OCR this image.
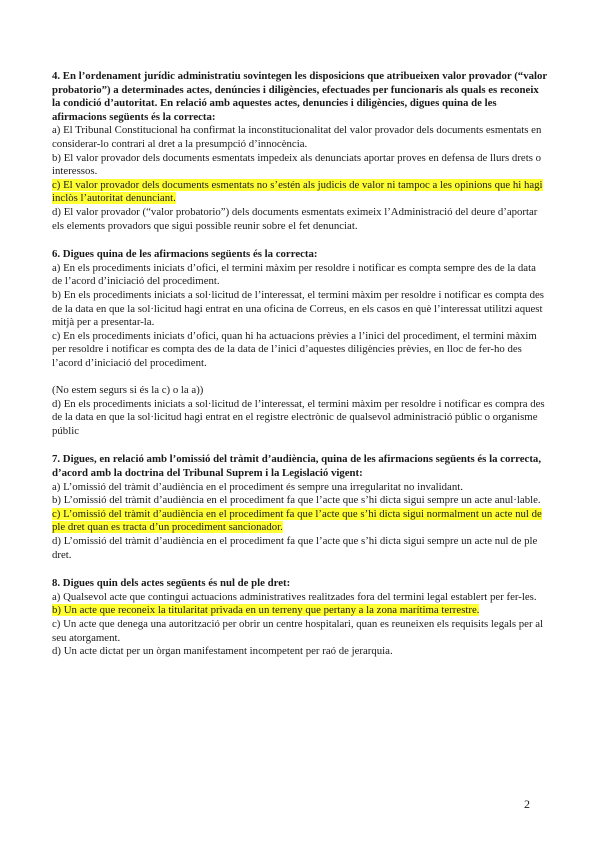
4. En l’ordenament jurídic administratiu sovintegen les disposicions que atribueixen valor provador (“valor probatorio”) a determinades actes, denúncies i diligències, efectuades per funcionaris als quals es reconeix la condició d’autoritat. En relació amb aquestes actes, denuncies i diligències, digues quina de les afirmacions següents és la correcta:

a) El Tribunal Constitucional ha confirmat la inconstitucionalitat del valor provador dels documents esmentats en considerar-lo contrari al dret a la presumpció d’innocència.

b) El valor provador dels documents esmentats impedeix als denunciats aportar proves en defensa de llurs drets o interessos.

c) El valor provador dels documents esmentats no s’estén als judicis de valor ni tampoc a les opinions que hi hagi inclòs l’autoritat denunciant.

d) El valor provador (“valor probatorio”) dels documents esmentats eximeix l’Administració del deure d’aportar els elements provadors que sigui possible reunir sobre el fet denunciat.

6. Digues quina de les afirmacions següents és la correcta:

a) En els procediments iniciats d’ofici, el termini màxim per resoldre i notificar es compta sempre des de la data de l’acord d’iniciació del procediment.

b) En els procediments iniciats a sol·licitud de l’interessat, el termini màxim per resoldre i notificar es compta des de la data en que la sol·licitud hagi entrat en una oficina de Correus, en els casos en què l’interessat utilitzi aquest mitjà per a presentar-la.

c) En els procediments iniciats d’ofici, quan hi ha actuacions prèvies a l’inici del procediment, el termini màxim per resoldre i notificar es compta des de la data de l’inici d’aquestes diligències prèvies, en lloc de fer-ho des l’acord d’iniciació del procediment.

(No estem segurs si és la c) o la a))

d) En els procediments iniciats a sol·licitud de l’interessat, el termini màxim per resoldre i notificar es compra des de la data en que la sol·licitud hagi entrat en el registre electrònic de qualsevol administració públic o organisme públic

7. Digues, en relació amb l’omissió del tràmit d’audiència, quina de les afirmacions següents és la correcta, d’acord amb la doctrina del Tribunal Suprem i la Legislació vigent:

a) L’omissió del tràmit d’audiència en el procediment és sempre una irregularitat no invalidant.

b) L’omissió del tràmit d’audiència en el procediment fa que l’acte que s’hi dicta sigui sempre un acte anul·lable.

c) L’omissió del tràmit d’audiència en el procediment fa que l’acte que s’hi dicta sigui normalment un acte nul de ple dret quan es tracta d’un procediment sancionador.

d) L’omissió del tràmit d’audiència en el procediment fa que l’acte que s’hi dicta sigui sempre un acte nul de ple dret.

8. Digues quin dels actes següents és nul de ple dret:

a) Qualsevol acte que contingui actuacions administratives realitzades fora del termini legal establert per fer-les.

b) Un acte que reconeix la titularitat privada en un terreny que pertany a la zona marítima terrestre.

c) Un acte que denega una autorització per obrir un centre hospitalari, quan es reuneixen els requisits legals per al seu atorgament.

d) Un acte dictat per un òrgan manifestament incompetent per raó de jerarquia.

2
